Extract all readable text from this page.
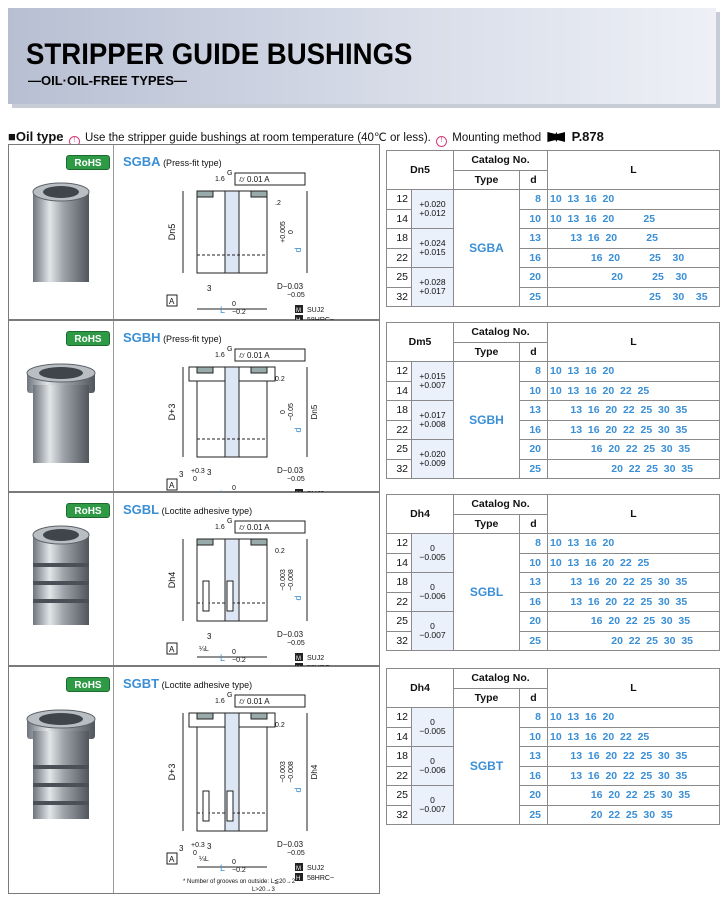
STRIPPER GUIDE BUSHINGS
—OIL·OIL-FREE TYPES—
■Oil type ! Use the stripper guide bushings at room temperature (40℃ or less). ! Mounting method P.878
RoHS	SGBA (Press-fit type)
1.6
G
⌭ 0.01 A
.2
Dn5	+0.005 0
d
3	D−0.03
−0.05
L
0
−0.2
A
M SUJ2
Dn5		Catalog No.		L
		Type	d	
12	+0.020
+0.012	SGBA	8	10  13  16  20
14			10	10  13  16  20          25
18	+0.024
+0.015		13	13  16  20          25
22			16	16  20          25    30
25	+0.028
+0.017		20	20          25    30
32			25	25    30    35
RoHS	SGBH (Press-fit type)
1.6
G
⌭ 0.01 A
0.2
D+3	0 −0.05
d
Dn5
3
+0.3
0
3	D−0.03
−0.05
0
A
Dm5		Catalog No.		L
		Type	d	
12	+0.015
+0.007	SGBH	8	10  13  16  20
14			10	10  13  16  20  22  25
18	+0.017
+0.008		13	13  16  20  22  25  30  35
22			16	13  16  20  22  25  30  35
25	+0.020
+0.009		20	16  20  22  25  30  35
32			25	20  22  25  30  35
RoHS	SGBL (Loctite adhesive type)
1.6
G
⌭ 0.01 A
0.2
Dh4	−0.003 −0.008
d
3
¼L
D−0.03
−0.05
L
0
−0.2
A
M SUJ2
Dh4		Catalog No.		L
		Type	d	
12	0
−0.005	SGBL	8	10  13  16  20
14			10	10  13  16  20  22  25
18	0
−0.006		13	13  16  20  22  25  30  35
22			16	13  16  20  22  25  30  35
25	0
−0.007		20	16  20  22  25  30  35
32			25	20  22  25  30  35
RoHS	SGBT (Loctite adhesive type)
1.6
G
⌭ 0.01 A
0.2
D+3	−0.003 −0.008
d
Dh4
3
+0.3
0
3
¼L
D−0.03
−0.05
L
0
−0.2
A
M SUJ2
H 58HRC~
* Number of grooves on outside: L≦20→2
L>20→3
Dh4		Catalog No.		L
		Type	d	
12	0
−0.005	SGBT	8	10  13  16  20
14			10	10  13  16  20  22  25
18	0
−0.006		13	13  16  20  22  25  30  35
22			16	13  16  20  22  25  30  35
25	0
−0.007		20	16  20  22  25  30  35
32			25	20  22  25  30  35
